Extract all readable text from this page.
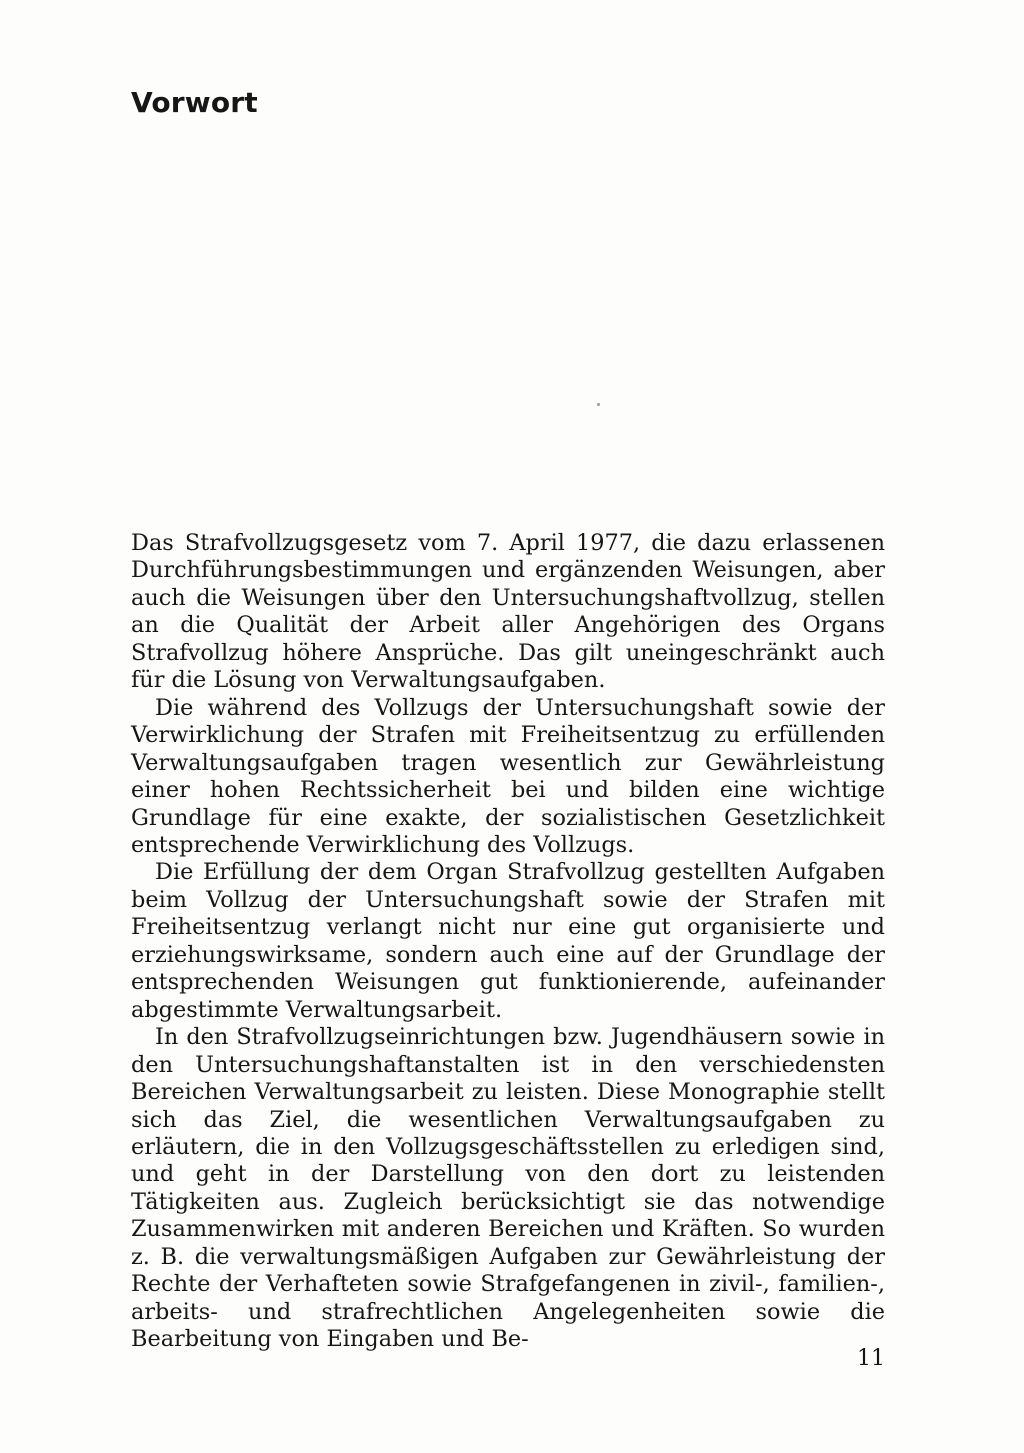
Vorwort

Das Strafvollzugsgesetz vom 7. April 1977, die dazu erlassenen Durchführungsbestimmungen und ergänzenden Weisungen, aber auch die Weisungen über den Untersuchungshaftvollzug, stellen an die Qualität der Arbeit aller Angehörigen des Organs Strafvollzug höhere Ansprüche. Das gilt uneingeschränkt auch für die Lösung von Verwaltungsaufgaben.

Die während des Vollzugs der Untersuchungshaft sowie der Verwirklichung der Strafen mit Freiheitsentzug zu erfüllenden Verwaltungsaufgaben tragen wesentlich zur Gewährleistung einer hohen Rechtssicherheit bei und bilden eine wichtige Grundlage für eine exakte, der sozialistischen Gesetzlichkeit entsprechende Verwirklichung des Vollzugs.

Die Erfüllung der dem Organ Strafvollzug gestellten Aufgaben beim Vollzug der Untersuchungshaft sowie der Strafen mit Freiheitsentzug verlangt nicht nur eine gut organisierte und erziehungswirksame, sondern auch eine auf der Grundlage der entsprechenden Weisungen gut funktionierende, aufeinander abgestimmte Verwaltungsarbeit.

In den Strafvollzugseinrichtungen bzw. Jugendhäusern sowie in den Untersuchungshaftanstalten ist in den verschiedensten Bereichen Verwaltungsarbeit zu leisten. Diese Monographie stellt sich das Ziel, die wesentlichen Verwaltungsaufgaben zu erläutern, die in den Vollzugsgeschäftsstellen zu erledigen sind, und geht in der Darstellung von den dort zu leistenden Tätigkeiten aus. Zugleich berücksichtigt sie das notwendige Zusammenwirken mit anderen Bereichen und Kräften. So wurden z. B. die verwaltungsmäßigen Aufgaben zur Gewährleistung der Rechte der Verhafteten sowie Strafgefangenen in zivil-, familien-, arbeits- und strafrechtlichen Angelegenheiten sowie die Bearbeitung von Eingaben und Be-

11
